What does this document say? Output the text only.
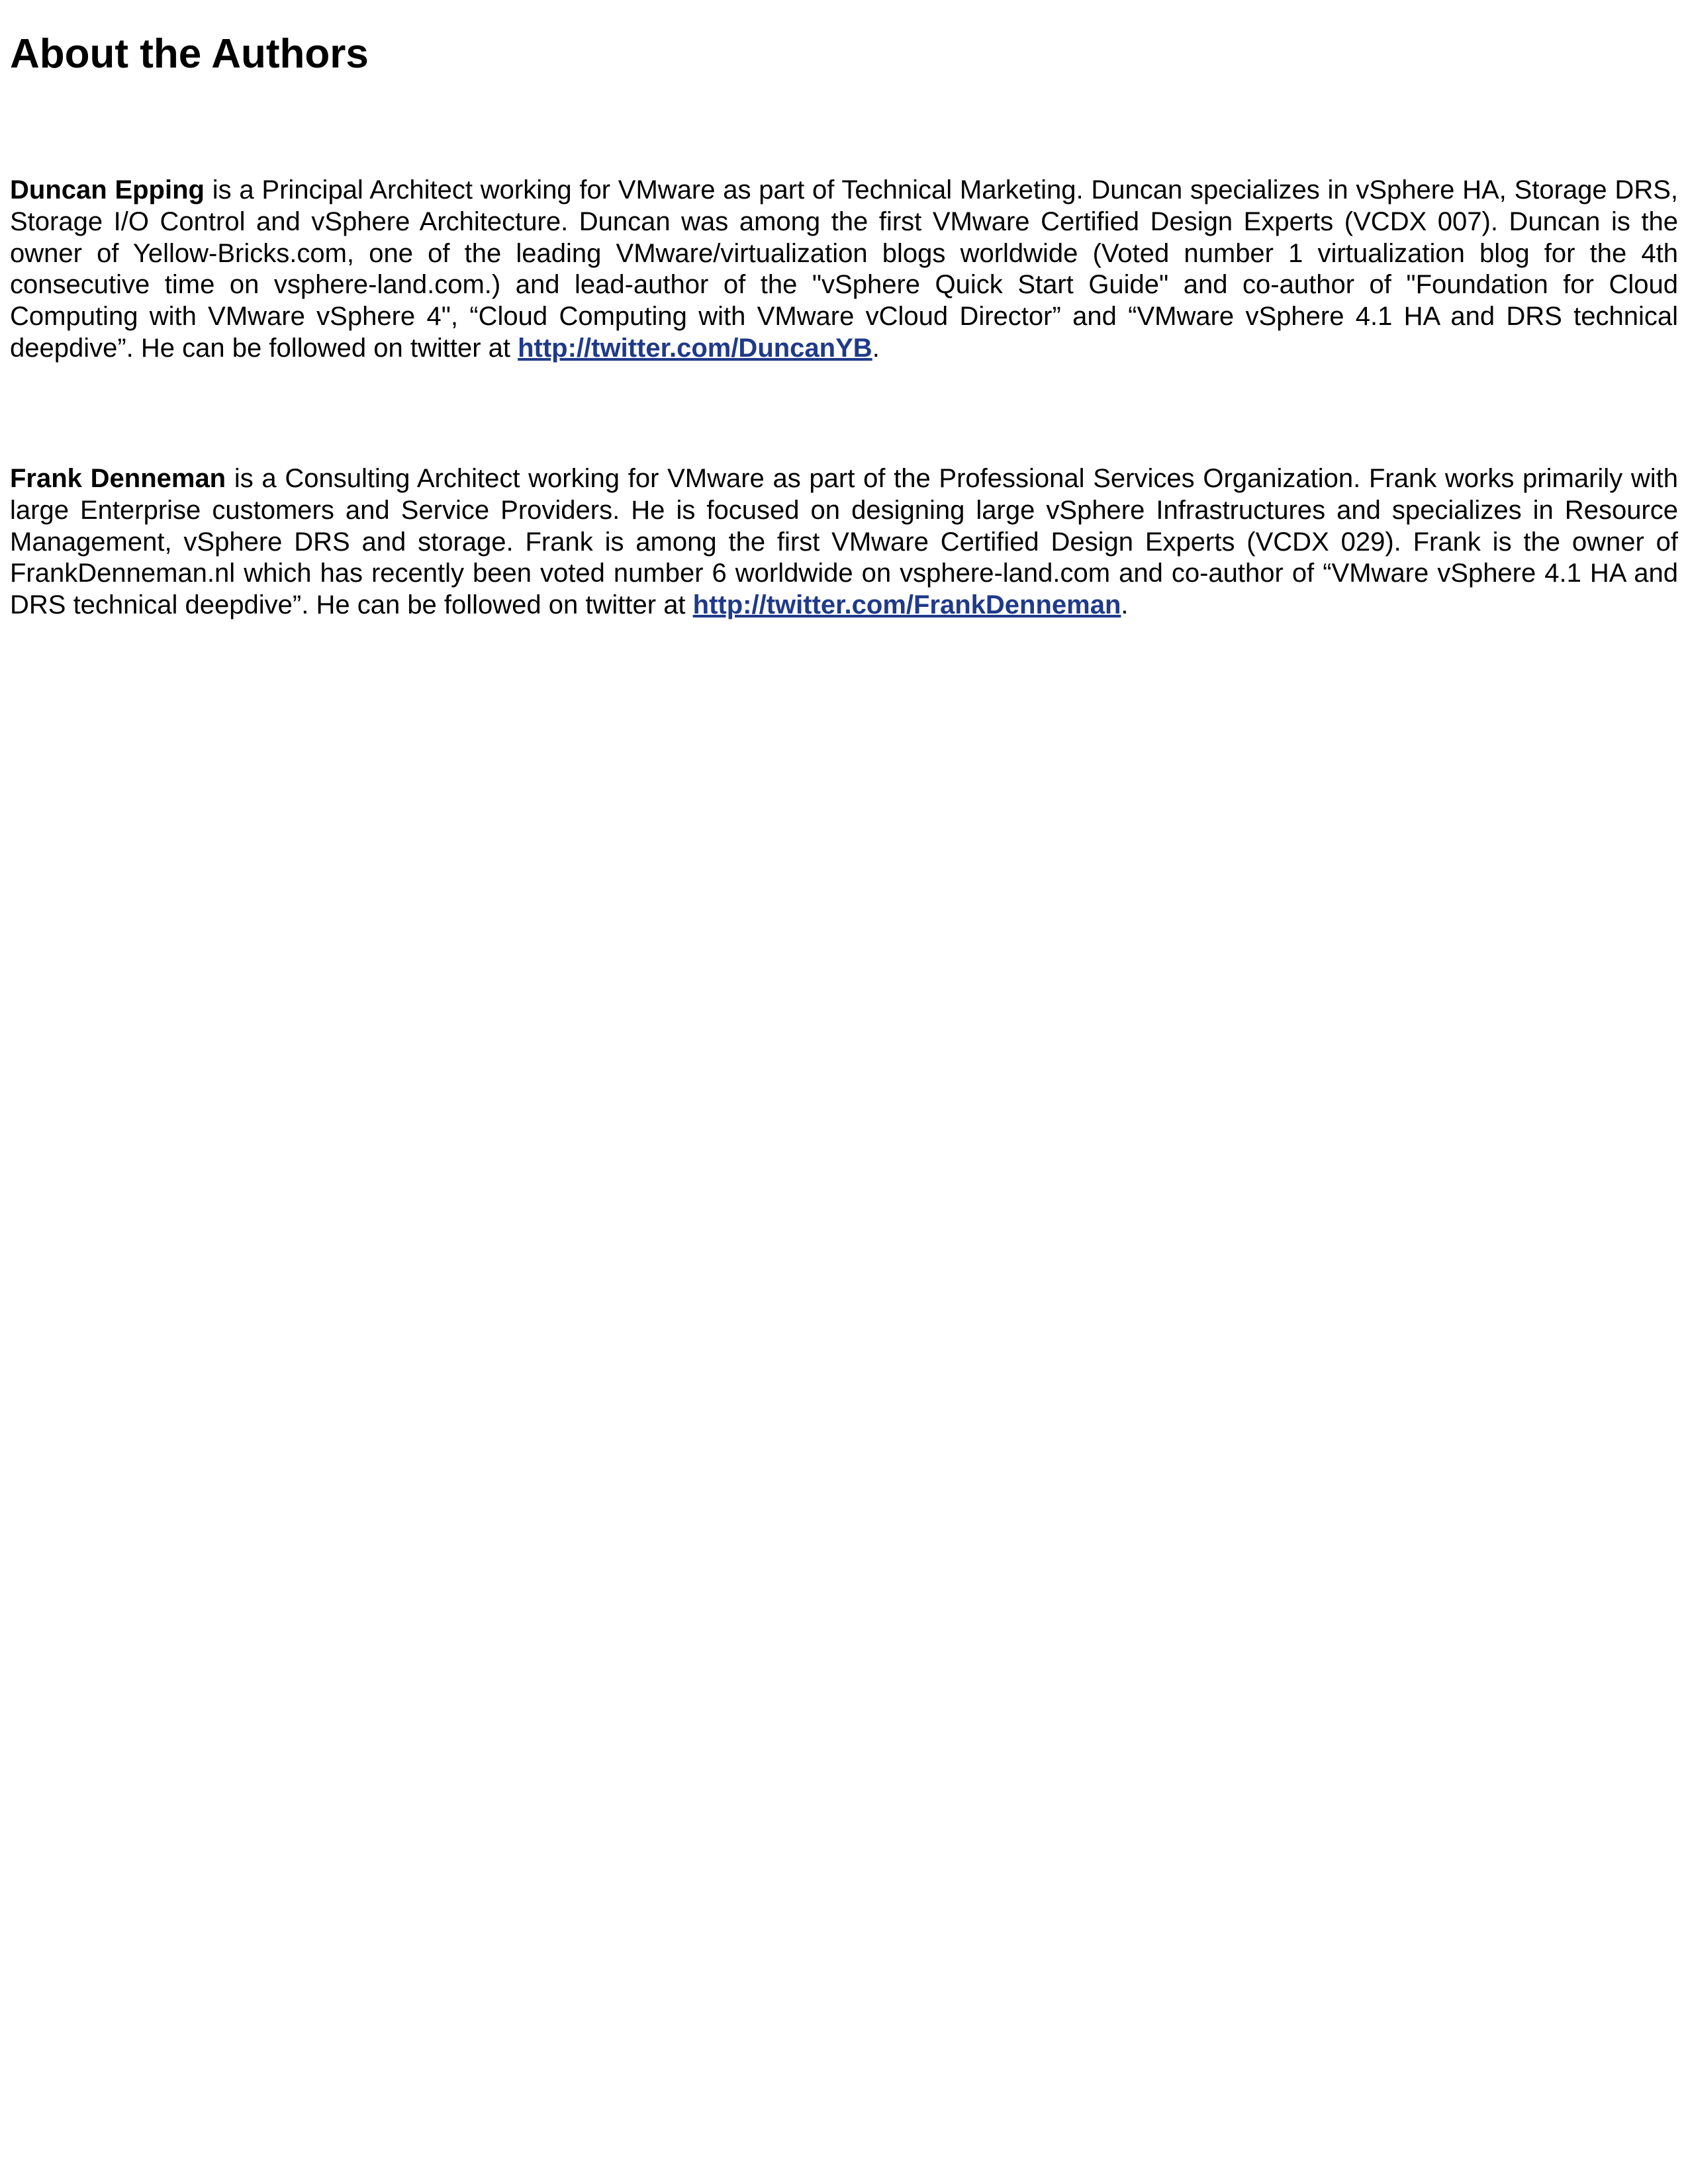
About the Authors

Duncan Epping is a Principal Architect working for VMware as part of Technical Marketing. Duncan specializes in vSphere HA, Storage DRS, Storage I/O Control and vSphere Architecture. Duncan was among the first VMware Certified Design Experts (VCDX 007). Duncan is the owner of Yellow-Bricks.com, one of the leading VMware/virtualization blogs worldwide (Voted number 1 virtualization blog for the 4th consecutive time on vsphere-land.com.) and lead-author of the "vSphere Quick Start Guide" and co-author of "Foundation for Cloud Computing with VMware vSphere 4", “Cloud Computing with VMware vCloud Director” and “VMware vSphere 4.1 HA and DRS technical deepdive”. He can be followed on twitter at http://twitter.com/DuncanYB.

Frank Denneman is a Consulting Architect working for VMware as part of the Professional Services Organization. Frank works primarily with large Enterprise customers and Service Providers. He is focused on designing large vSphere Infrastructures and specializes in Resource Management, vSphere DRS and storage. Frank is among the first VMware Certified Design Experts (VCDX 029). Frank is the owner of FrankDenneman.nl which has recently been voted number 6 worldwide on vsphere-land.com and co-author of “VMware vSphere 4.1 HA and DRS technical deepdive”. He can be followed on twitter at http://twitter.com/FrankDenneman.
